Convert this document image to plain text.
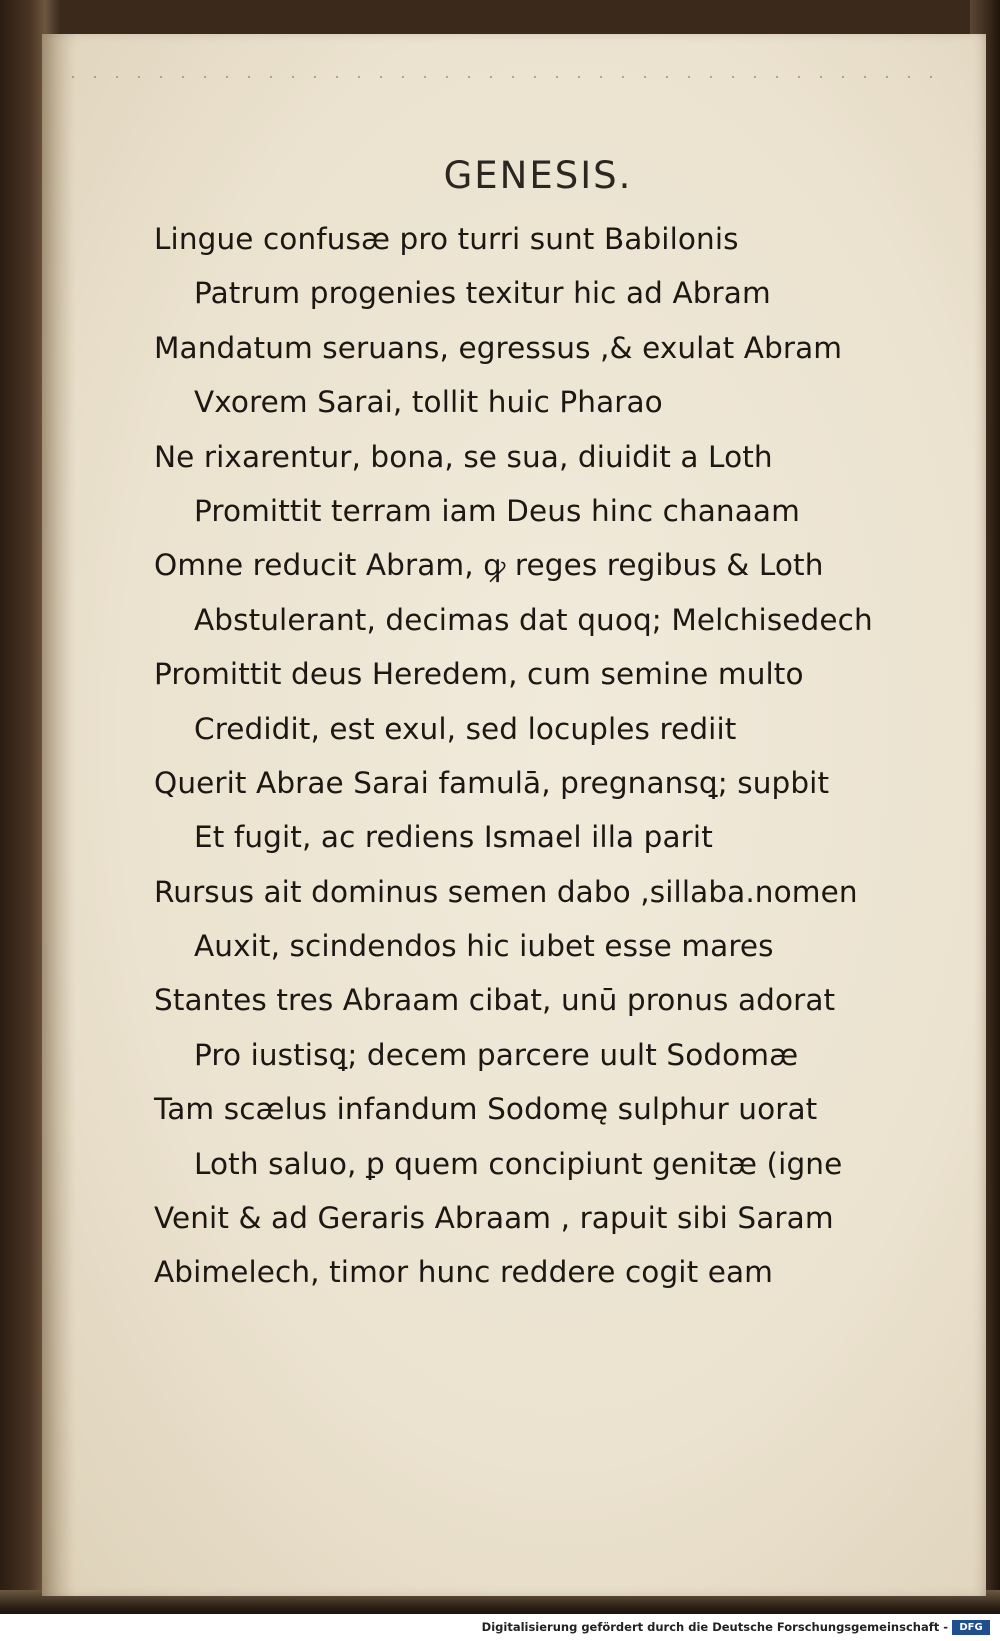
GENESIS.
Lingue confusæ pro turri sunt Babilonis
Patrum progenies texitur hic ad Abram
Mandatum seruans, egressus ,& exulat Abram
Vxorem Sarai, tollit huic Pharao
Ne rixarentur, bona, se sua, diuidit a Loth
Promittit terram iam Deus hinc chanaam
Omne reducit Abram, ꝙ reges regibus & Loth
Abstulerant, decimas dat quoq; Melchisedech
Promittit deus Heredem, cum semine multo
Credidit, est exul, sed locuples rediit
Querit Abrae Sarai famulā, pregnansꝗ; supbit
Et fugit, ac rediens Ismael illa parit
Rursus ait dominus semen dabo ,sillaba.nomen
Auxit, scindendos hic iubet esse mares
Stantes tres Abraam cibat, unū pronus adorat
Pro iustisꝗ; decem parcere uult Sodomæ
Tam scælus infandum Sodomę sulphur uorat
Loth saluo, ꝑ quem concipiunt genitæ (igne
Venit & ad Geraris Abraam , rapuit sibi Saram
Abimelech, timor hunc reddere cogit eam
Digitalisierung gefördert durch die Deutsche Forschungsgemeinschaft -	DFG
